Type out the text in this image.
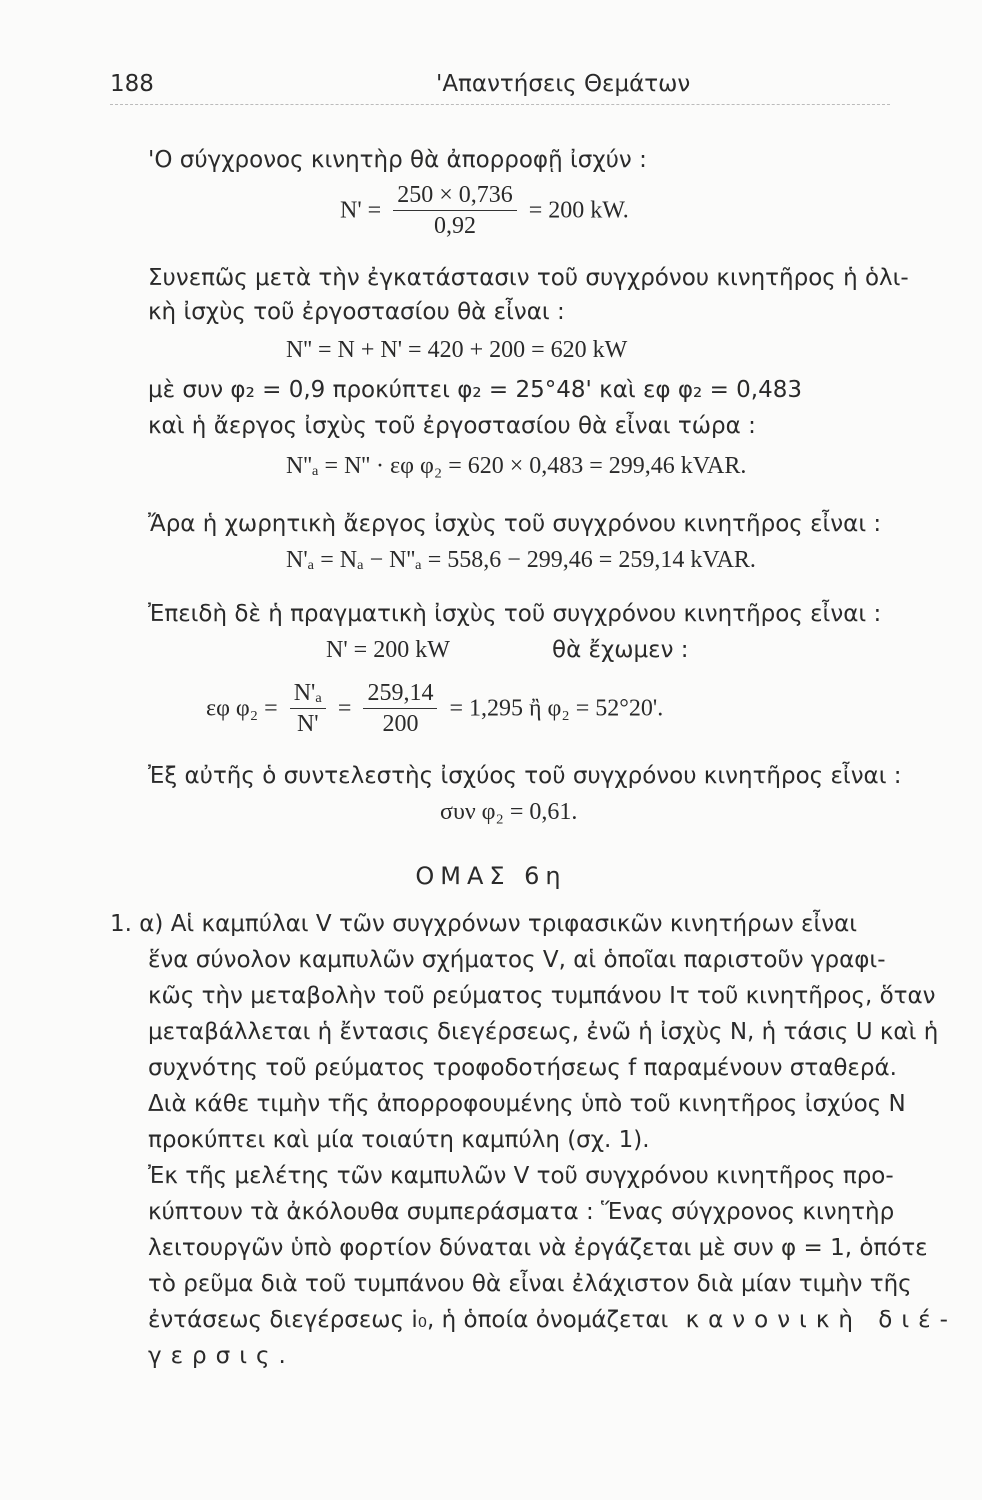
188	'Απαντήσεις Θεμάτων
'Ο σύγχρονος κινητὴρ θὰ ἀπορροφῇ ἰσχύν :
$N' = \frac{250 \times 0,736}{0,92} = 200$ kW.
Συνεπῶς μετὰ τὴν ἐγκατάστασιν τοῦ συγχρόνου κινητῆρος ἡ ὁλι-
κὴ ἰσχὺς τοῦ ἐργοστασίου θὰ εἶναι :
N'' = N + N' = 420 + 200 = 620 kW
μὲ συν φ₂ = 0,9 προκύπτει φ₂ = 25°48' καὶ εφ φ₂ = 0,483
καὶ ἡ ἄεργος ἰσχὺς τοῦ ἐργοστασίου θὰ εἶναι τώρα :
N''ₐ = N'' · εφ φ₂ = 620 × 0,483 = 299,46 kVAR.
Ἄρα ἡ χωρητικὴ ἄεργος ἰσχὺς τοῦ συγχρόνου κινητῆρος εἶναι :
N'ₐ = Nₐ − N''ₐ = 558,6 − 299,46 = 259,14 kVAR.
Ἐπειδὴ δὲ ἡ πραγματικὴ ἰσχὺς τοῦ συγχρόνου κινητῆρος εἶναι :
N' = 200 kW	θὰ ἔχωμεν :
εφ $\varphi_2 = \frac{\text{N'ₐ}}{N'} = \frac{259,14}{200} = 1,295$ ἢ φ₂ = 52°20'.
Ἐξ αὐτῆς ὁ συντελεστὴς ἰσχύος τοῦ συγχρόνου κινητῆρος εἶναι :
συν φ₂ = 0,61.
ΟΜΑΣ 6η
1. α) Αἱ καμπύλαι V τῶν συγχρόνων τριφασικῶν κινητήρων εἶναι
ἕνα σύνολον καμπυλῶν σχήματος V, αἱ ὁποῖαι παριστοῦν γραφι-
κῶς τὴν μεταβολὴν τοῦ ρεύματος τυμπάνου Iτ τοῦ κινητῆρος, ὅταν
μεταβάλλεται ἡ ἔντασις διεγέρσεως, ἐνῶ ἡ ἰσχὺς N, ἡ τάσις U καὶ ἡ
συχνότης τοῦ ρεύματος τροφοδοτήσεως f παραμένουν σταθερά.
Διὰ κάθε τιμὴν τῆς ἀπορροφουμένης ὑπὸ τοῦ κινητῆρος ἰσχύος N
προκύπτει καὶ μία τοιαύτη καμπύλη (σχ. 1).
Ἐκ τῆς μελέτης τῶν καμπυλῶν V τοῦ συγχρόνου κινητῆρος προ-
κύπτουν τὰ ἀκόλουθα συμπεράσματα : Ἕνας σύγχρονος κινητὴρ
λειτουργῶν ὑπὸ φορτίον δύναται νὰ ἐργάζεται μὲ συν φ = 1, ὁπότε
τὸ ρεῦμα διὰ τοῦ τυμπάνου θὰ εἶναι ἐλάχιστον διὰ μίαν τιμὴν τῆς
ἐντάσεως διεγέρσεως i₀, ἡ ὁποία ὀνομάζεται κανονικὴ διέ-
γερσις.
